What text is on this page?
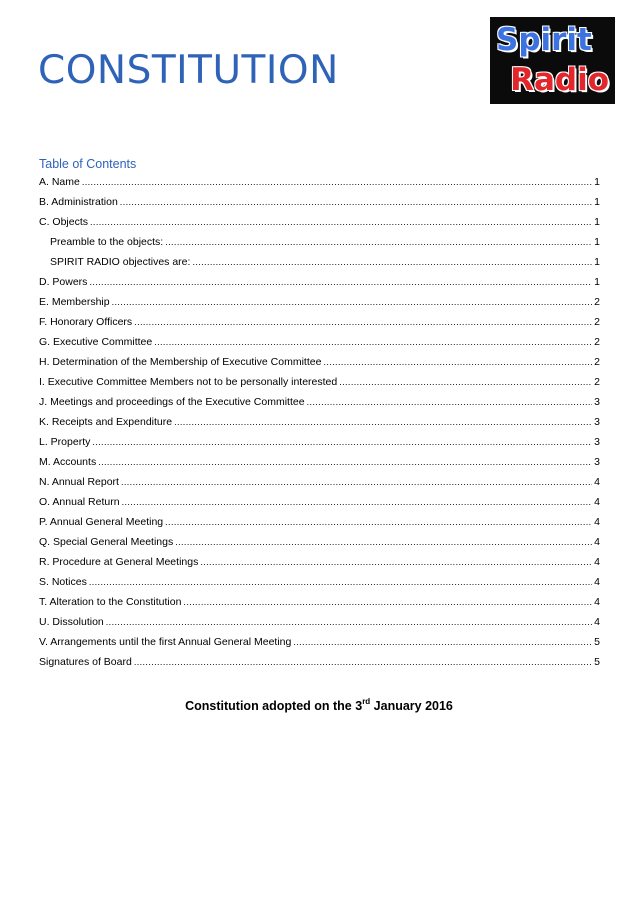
CONSTITUTION
Spirit
Radio
Table of Contents
A. Name .....	1
B. Administration .....	1
C. Objects .....	1
Preamble to the objects: .....	1
SPIRIT RADIO objectives are: .....	1
D. Powers .....	1
E. Membership .....	2
F. Honorary Officers .....	2
G. Executive Committee .....	2
H. Determination of the Membership of Executive Committee .....	2
I. Executive Committee Members not to be personally interested .....	2
J. Meetings and proceedings of the Executive Committee .....	3
K. Receipts and Expenditure .....	3
L. Property .....	3
M. Accounts .....	3
N. Annual Report .....	4
O. Annual Return .....	4
P. Annual General Meeting .....	4
Q. Special General Meetings .....	4
R. Procedure at General Meetings .....	4
S. Notices .....	4
T. Alteration to the Constitution .....	4
U. Dissolution .....	4
V. Arrangements until the first Annual General Meeting .....	5
Signatures of Board .....	5
Constitution adopted on the 3rd January 2016
